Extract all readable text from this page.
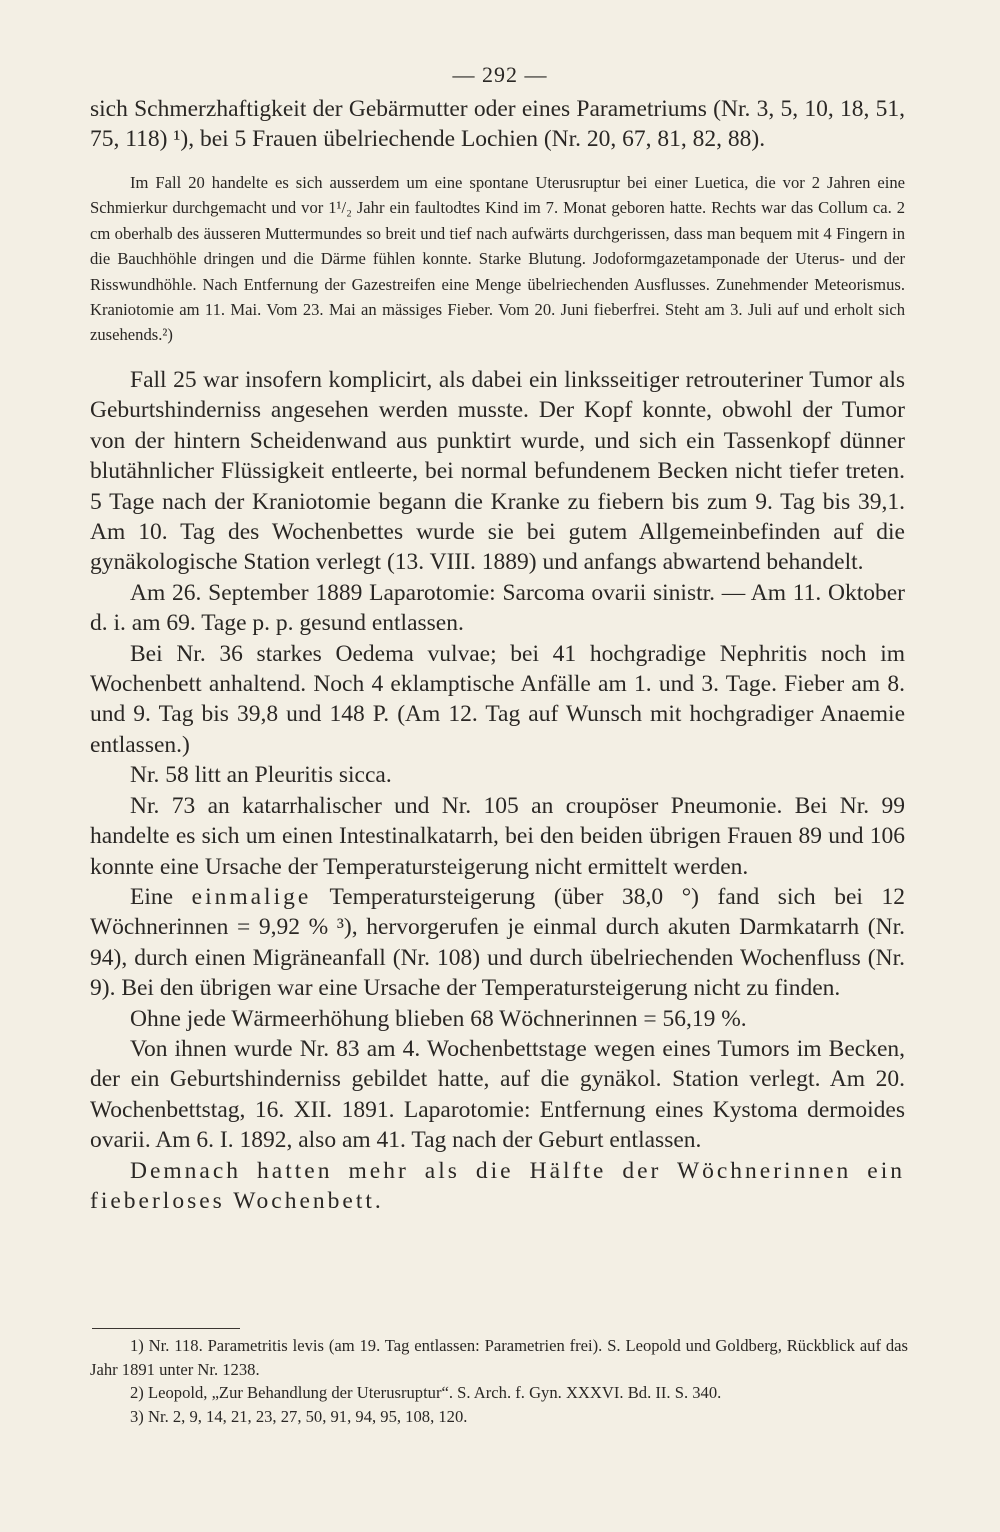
— 292 —

sich Schmerzhaftigkeit der Gebärmutter oder eines Parametriums (Nr. 3, 5, 10, 18, 51, 75, 118) ¹), bei 5 Frauen übelriechende Lochien (Nr. 20, 67, 81, 82, 88).

Im Fall 20 handelte es sich ausserdem um eine spontane Uterusruptur bei einer Luetica, die vor 2 Jahren eine Schmierkur durchgemacht und vor 1¹/₂ Jahr ein faultodtes Kind im 7. Monat geboren hatte. Rechts war das Collum ca. 2 cm oberhalb des äusseren Muttermundes so breit und tief nach aufwärts durchgerissen, dass man bequem mit 4 Fingern in die Bauchhöhle dringen und die Därme fühlen konnte. Starke Blutung. Jodoformgazetamponade der Uterus- und der Risswundhöhle. Nach Entfernung der Gazestreifen eine Menge übelriechenden Ausflusses. Zunehmender Meteorismus. Kraniotomie am 11. Mai. Vom 23. Mai an mässiges Fieber. Vom 20. Juni fieberfrei. Steht am 3. Juli auf und erholt sich zusehends.²)

Fall 25 war insofern komplicirt, als dabei ein linksseitiger retrouteriner Tumor als Geburtshinderniss angesehen werden musste. Der Kopf konnte, obwohl der Tumor von der hintern Scheidenwand aus punktirt wurde, und sich ein Tassenkopf dünner blutähnlicher Flüssigkeit entleerte, bei normal befundenem Becken nicht tiefer treten. 5 Tage nach der Kraniotomie begann die Kranke zu fiebern bis zum 9. Tag bis 39,1. Am 10. Tag des Wochenbettes wurde sie bei gutem Allgemeinbefinden auf die gynäkologische Station verlegt (13. VIII. 1889) und anfangs abwartend behandelt.

Am 26. September 1889 Laparotomie: Sarcoma ovarii sinistr. — Am 11. Oktober d. i. am 69. Tage p. p. gesund entlassen.

Bei Nr. 36 starkes Oedema vulvae; bei 41 hochgradige Nephritis noch im Wochenbett anhaltend. Noch 4 eklamptische Anfälle am 1. und 3. Tage. Fieber am 8. und 9. Tag bis 39,8 und 148 P. (Am 12. Tag auf Wunsch mit hochgradiger Anaemie entlassen.)

Nr. 58 litt an Pleuritis sicca.

Nr. 73 an katarrhalischer und Nr. 105 an croupöser Pneumonie. Bei Nr. 99 handelte es sich um einen Intestinalkatarrh, bei den beiden übrigen Frauen 89 und 106 konnte eine Ursache der Temperatursteigerung nicht ermittelt werden.

Eine einmalige Temperatursteigerung (über 38,0 °) fand sich bei 12 Wöchnerinnen = 9,92 % ³), hervorgerufen je einmal durch akuten Darmkatarrh (Nr. 94), durch einen Migräneanfall (Nr. 108) und durch übelriechenden Wochenfluss (Nr. 9). Bei den übrigen war eine Ursache der Temperatursteigerung nicht zu finden.

Ohne jede Wärmeerhöhung blieben 68 Wöchnerinnen = 56,19 %.

Von ihnen wurde Nr. 83 am 4. Wochenbettstage wegen eines Tumors im Becken, der ein Geburtshinderniss gebildet hatte, auf die gynäkol. Station verlegt. Am 20. Wochenbettstag, 16. XII. 1891. Laparotomie: Entfernung eines Kystoma dermoides ovarii. Am 6. I. 1892, also am 41. Tag nach der Geburt entlassen.

Demnach hatten mehr als die Hälfte der Wöchnerinnen ein fieberloses Wochenbett.

1) Nr. 118. Parametritis levis (am 19. Tag entlassen: Parametrien frei). S. Leopold und Goldberg, Rückblick auf das Jahr 1891 unter Nr. 1238.

2) Leopold, „Zur Behandlung der Uterusruptur“. S. Arch. f. Gyn. XXXVI. Bd. II. S. 340.

3) Nr. 2, 9, 14, 21, 23, 27, 50, 91, 94, 95, 108, 120.
